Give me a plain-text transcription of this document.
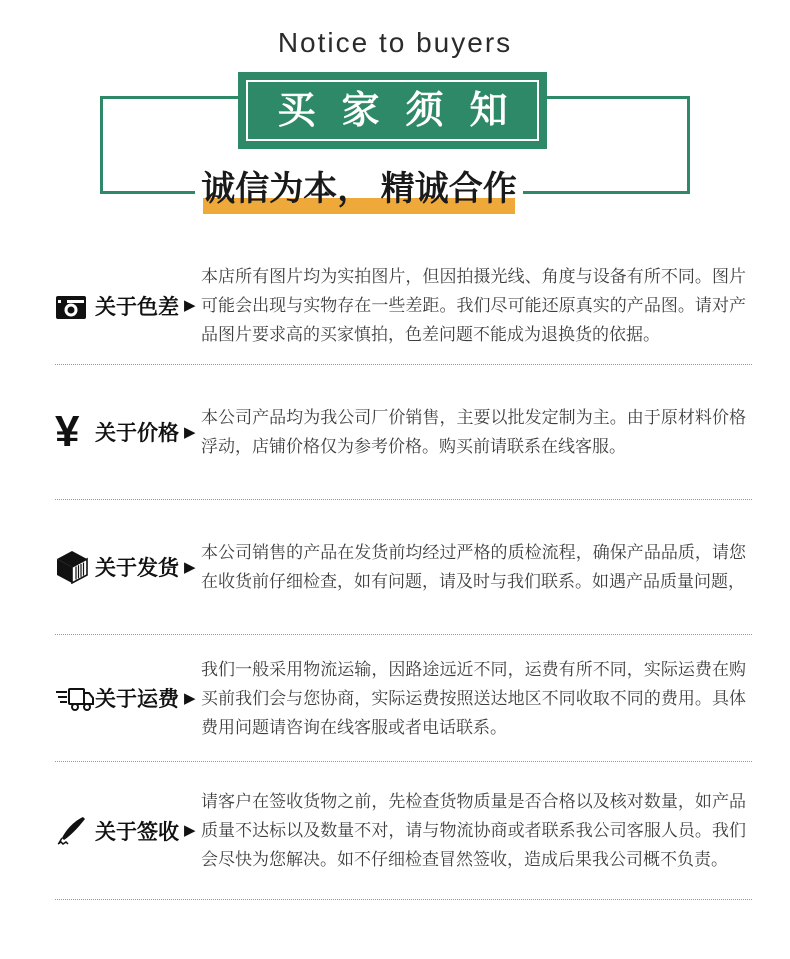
Notice to buyers
买家须知
诚信为本， 精诚合作
关于色差 ▶
本店所有图片均为实拍图片，但因拍摄光线、角度与设备有所不同。图片可能会出现与实物存在一些差距。我们尽可能还原真实的产品图。请对产品图片要求高的买家慎拍，色差问题不能成为退换货的依据。
¥ 关于价格 ▶
本公司产品均为我公司厂价销售，主要以批发定制为主。由于原材料价格浮动，店铺价格仅为参考价格。购买前请联系在线客服。
关于发货 ▶
本公司销售的产品在发货前均经过严格的质检流程，确保产品品质，请您在收货前仔细检查，如有问题，请及时与我们联系。如遇产品质量问题，
关于运费 ▶
我们一般采用物流运输，因路途远近不同，运费有所不同，实际运费在购买前我们会与您协商，实际运费按照送达地区不同收取不同的费用。具体费用问题请咨询在线客服或者电话联系。
关于签收 ▶
请客户在签收货物之前，先检查货物质量是否合格以及核对数量，如产品质量不达标以及数量不对，请与物流协商或者联系我公司客服人员。我们会尽快为您解决。如不仔细检查冒然签收，造成后果我公司概不负责。
